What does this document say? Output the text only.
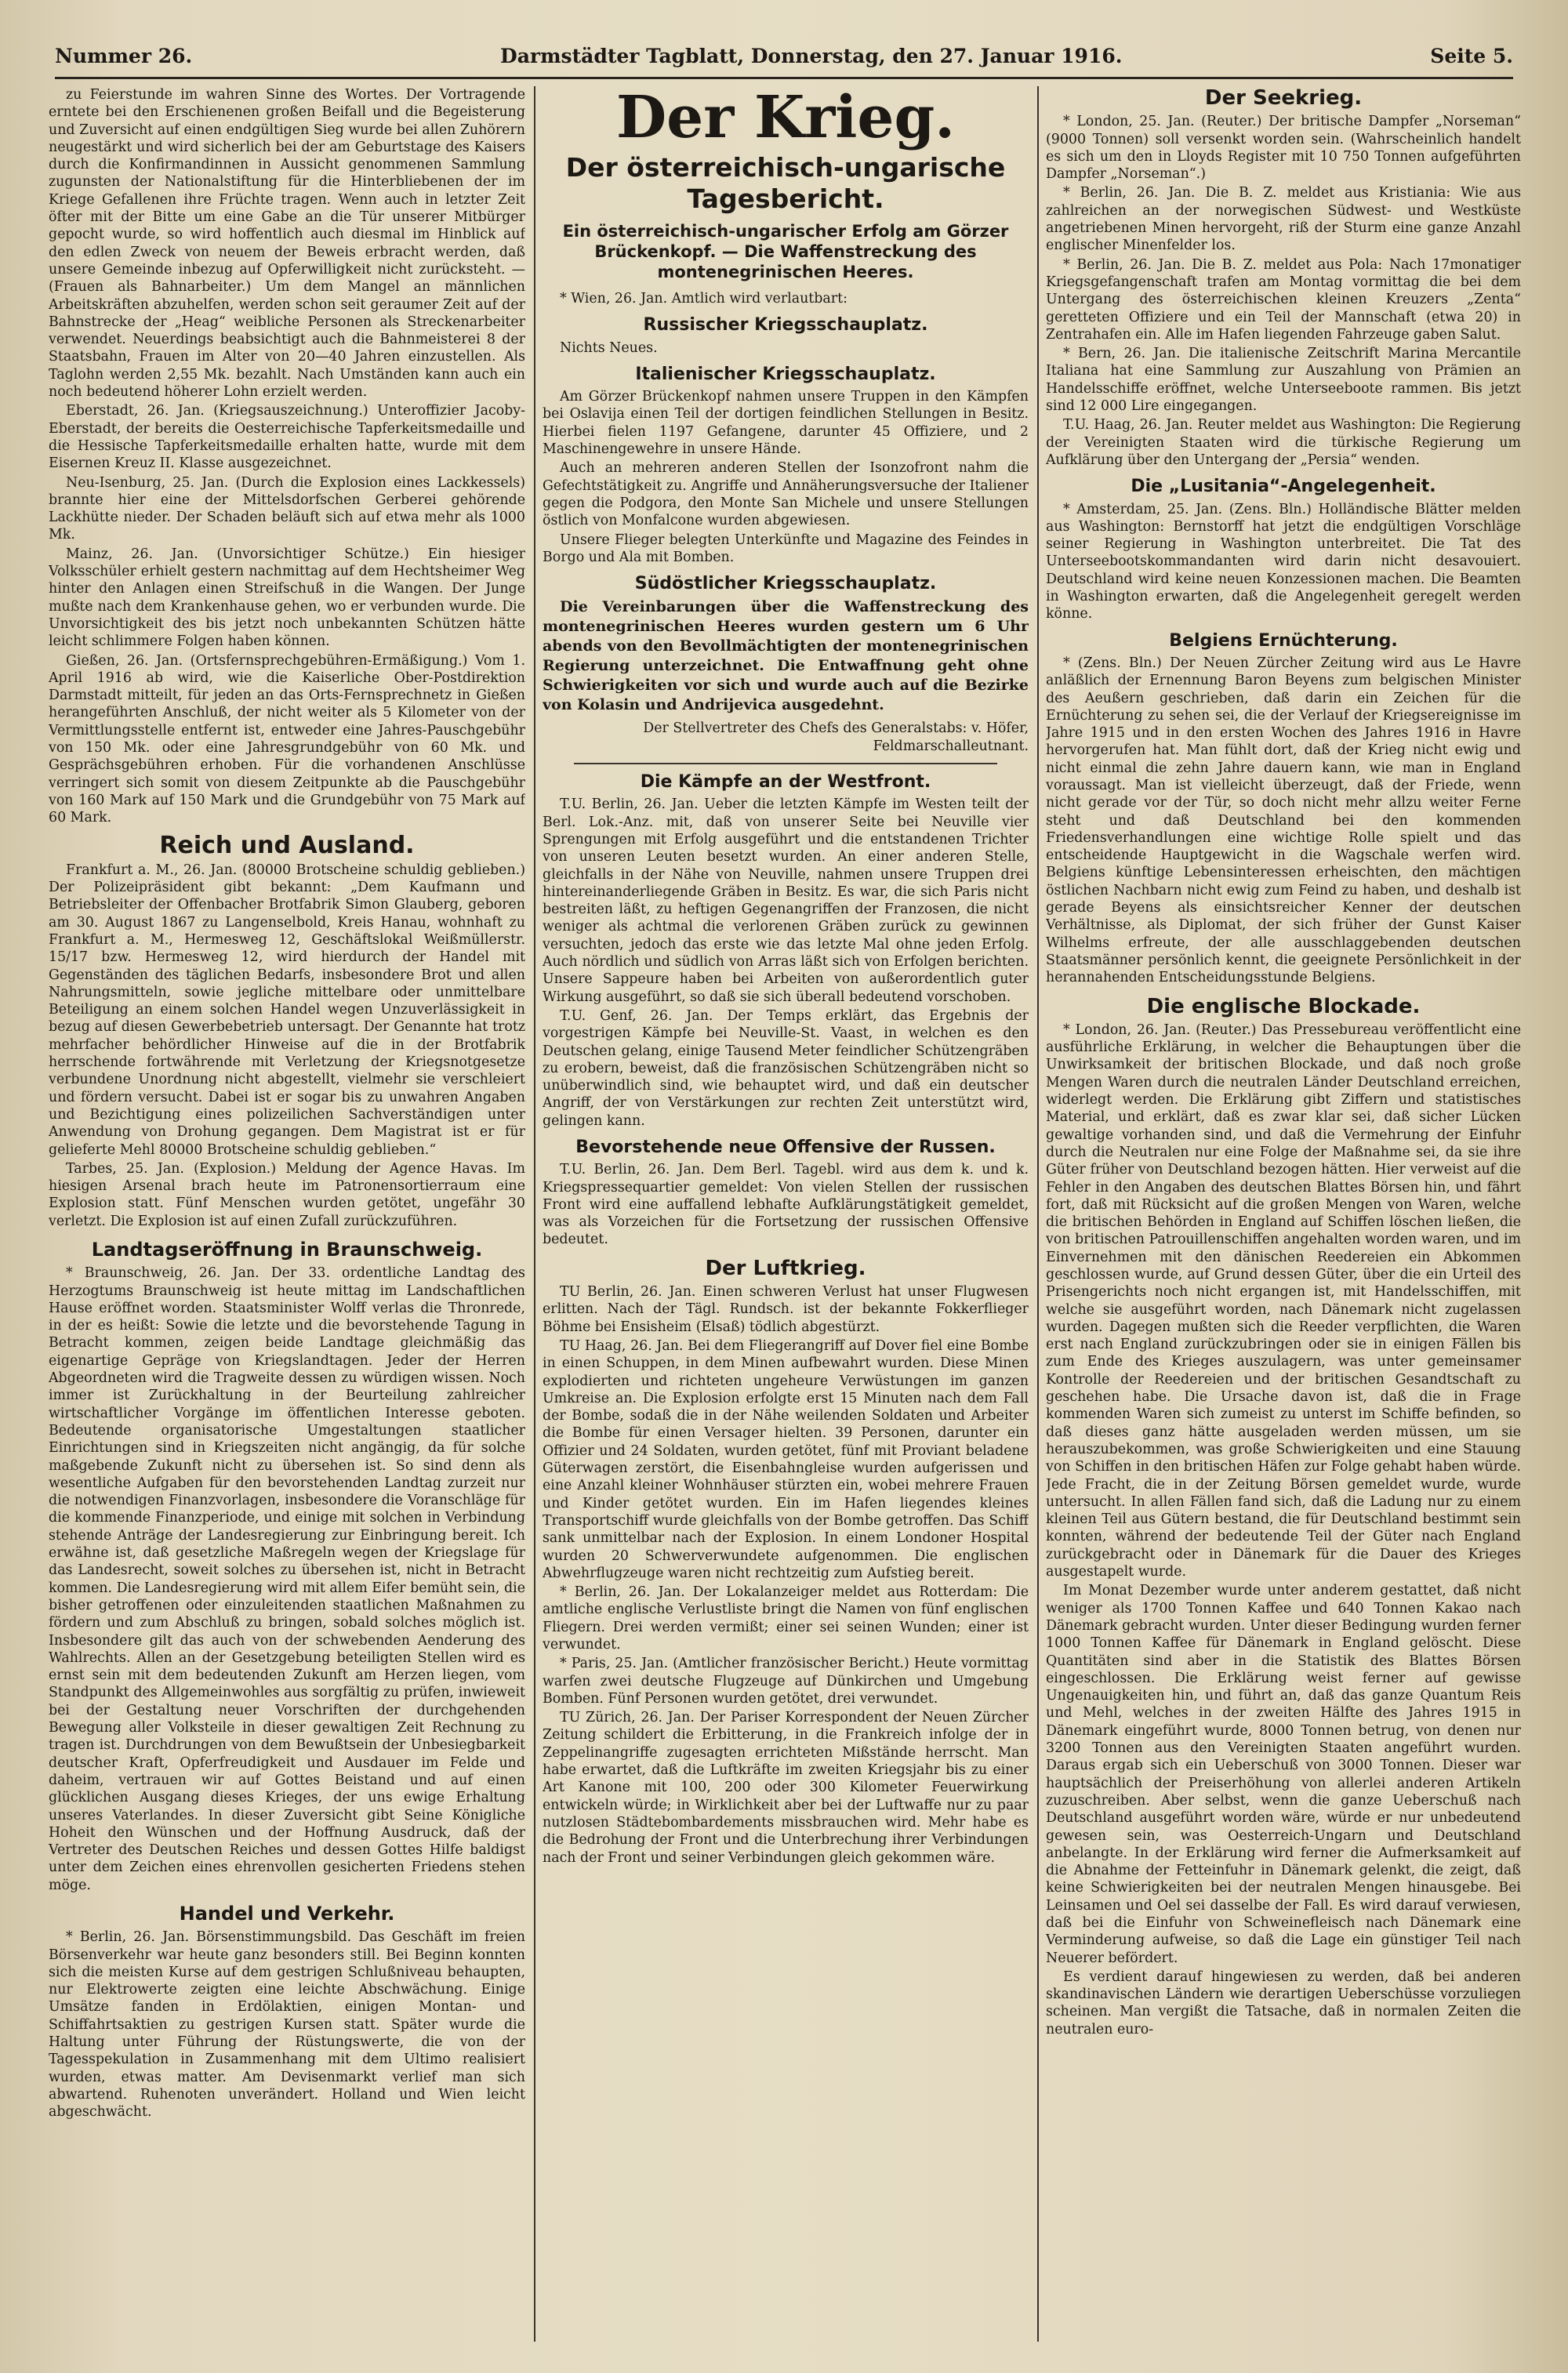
Nummer 26.	Darmstädter Tagblatt, Donnerstag, den 27. Januar 1916.	Seite 5.

zu Feierstunde im wahren Sinne des Wortes. Der Vortragende erntete bei den Erschienenen großen Beifall und die Begeisterung und Zuversicht auf einen endgültigen Sieg wurde bei allen Zuhörern neugestärkt und wird sicherlich bei der am Geburtstage des Kaisers durch die Konfirmandinnen in Aussicht genommenen Sammlung zugunsten der Nationalstiftung für die Hinterbliebenen der im Kriege Gefallenen ihre Früchte tragen. Wenn auch in letzter Zeit öfter mit der Bitte um eine Gabe an die Tür unserer Mitbürger gepocht wurde, so wird hoffentlich auch diesmal im Hinblick auf den edlen Zweck von neuem der Beweis erbracht werden, daß unsere Gemeinde inbezug auf Opferwilligkeit nicht zurücksteht. — (Frauen als Bahnarbeiter.) Um dem Mangel an männlichen Arbeitskräften abzuhelfen, werden schon seit geraumer Zeit auf der Bahnstrecke der „Heag“ weibliche Personen als Streckenarbeiter verwendet. Neuerdings beabsichtigt auch die Bahnmeisterei 8 der Staatsbahn, Frauen im Alter von 20—40 Jahren einzustellen. Als Taglohn werden 2,55 Mk. bezahlt. Nach Umständen kann auch ein noch bedeutend höherer Lohn erzielt werden.

Eberstadt, 26. Jan. (Kriegsauszeichnung.) Unteroffizier Jacoby-Eberstadt, der bereits die Oesterreichische Tapferkeitsmedaille und die Hessische Tapferkeitsmedaille erhalten hatte, wurde mit dem Eisernen Kreuz II. Klasse ausgezeichnet.

Neu-Isenburg, 25. Jan. (Durch die Explosion eines Lackkessels) brannte hier eine der Mittelsdorfschen Gerberei gehörende Lackhütte nieder. Der Schaden beläuft sich auf etwa mehr als 1000 Mk.

Mainz, 26. Jan. (Unvorsichtiger Schütze.) Ein hiesiger Volksschüler erhielt gestern nachmittag auf dem Hechtsheimer Weg hinter den Anlagen einen Streifschuß in die Wangen. Der Junge mußte nach dem Krankenhause gehen, wo er verbunden wurde. Die Unvorsichtigkeit des bis jetzt noch unbekannten Schützen hätte leicht schlimmere Folgen haben können.

Gießen, 26. Jan. (Ortsfernsprechgebühren-Ermäßigung.) Vom 1. April 1916 ab wird, wie die Kaiserliche Ober-Postdirektion Darmstadt mitteilt, für jeden an das Orts-Fernsprechnetz in Gießen herangeführten Anschluß, der nicht weiter als 5 Kilometer von der Vermittlungsstelle entfernt ist, entweder eine Jahres-Pauschgebühr von 150 Mk. oder eine Jahresgrundgebühr von 60 Mk. und Gesprächsgebühren erhoben. Für die vorhandenen Anschlüsse verringert sich somit von diesem Zeitpunkte ab die Pauschgebühr von 160 Mark auf 150 Mark und die Grundgebühr von 75 Mark auf 60 Mark.

Reich und Ausland.

Frankfurt a. M., 26. Jan. (80000 Brotscheine schuldig geblieben.) Der Polizeipräsident gibt bekannt: „Dem Kaufmann und Betriebsleiter der Offenbacher Brotfabrik Simon Glauberg, geboren am 30. August 1867 zu Langenselbold, Kreis Hanau, wohnhaft zu Frankfurt a. M., Hermesweg 12, Geschäftslokal Weißmüllerstr. 15/17 bzw. Hermesweg 12, wird hierdurch der Handel mit Gegenständen des täglichen Bedarfs, insbesondere Brot und allen Nahrungsmitteln, sowie jegliche mittelbare oder unmittelbare Beteiligung an einem solchen Handel wegen Unzuverlässigkeit in bezug auf diesen Gewerbebetrieb untersagt. Der Genannte hat trotz mehrfacher behördlicher Hinweise auf die in der Brotfabrik herrschende fortwährende mit Verletzung der Kriegsnotgesetze verbundene Unordnung nicht abgestellt, vielmehr sie verschleiert und fördern versucht. Dabei ist er sogar bis zu unwahren Angaben und Bezichtigung eines polizeilichen Sachverständigen unter Anwendung von Drohung gegangen. Dem Magistrat ist er für gelieferte Mehl 80000 Brotscheine schuldig geblieben.“

Tarbes, 25. Jan. (Explosion.) Meldung der Agence Havas. Im hiesigen Arsenal brach heute im Patronensortierraum eine Explosion statt. Fünf Menschen wurden getötet, ungefähr 30 verletzt. Die Explosion ist auf einen Zufall zurückzuführen.

Landtagseröffnung in Braunschweig.

* Braunschweig, 26. Jan. Der 33. ordentliche Landtag des Herzogtums Braunschweig ist heute mittag im Landschaftlichen Hause eröffnet worden. Staatsminister Wolff verlas die Thronrede, in der es heißt: Sowie die letzte und die bevorstehende Tagung in Betracht kommen, zeigen beide Landtage gleichmäßig das eigenartige Gepräge von Kriegslandtagen. Jeder der Herren Abgeordneten wird die Tragweite dessen zu würdigen wissen. Noch immer ist Zurückhaltung in der Beurteilung zahlreicher wirtschaftlicher Vorgänge im öffentlichen Interesse geboten. Bedeutende organisatorische Umgestaltungen staatlicher Einrichtungen sind in Kriegszeiten nicht angängig, da für solche maßgebende Zukunft nicht zu übersehen ist. So sind denn als wesentliche Aufgaben für den bevorstehenden Landtag zurzeit nur die notwendigen Finanzvorlagen, insbesondere die Voranschläge für die kommende Finanzperiode, und einige mit solchen in Verbindung stehende Anträge der Landesregierung zur Einbringung bereit. Ich erwähne ist, daß gesetzliche Maßregeln wegen der Kriegslage für das Landesrecht, soweit solches zu übersehen ist, nicht in Betracht kommen. Die Landesregierung wird mit allem Eifer bemüht sein, die bisher getroffenen oder einzuleitenden staatlichen Maßnahmen zu fördern und zum Abschluß zu bringen, sobald solches möglich ist. Insbesondere gilt das auch von der schwebenden Aenderung des Wahlrechts. Allen an der Gesetzgebung beteiligten Stellen wird es ernst sein mit dem bedeutenden Zukunft am Herzen liegen, vom Standpunkt des Allgemeinwohles aus sorgfältig zu prüfen, inwieweit bei der Gestaltung neuer Vorschriften der durchgehenden Bewegung aller Volksteile in dieser gewaltigen Zeit Rechnung zu tragen ist. Durchdrungen von dem Bewußtsein der Unbesiegbarkeit deutscher Kraft, Opferfreudigkeit und Ausdauer im Felde und daheim, vertrauen wir auf Gottes Beistand und auf einen glücklichen Ausgang dieses Krieges, der uns ewige Erhaltung unseres Vaterlandes. In dieser Zuversicht gibt Seine Königliche Hoheit den Wünschen und der Hoffnung Ausdruck, daß der Vertreter des Deutschen Reiches und dessen Gottes Hilfe baldigst unter dem Zeichen eines ehrenvollen gesicherten Friedens stehen möge.

Handel und Verkehr.

* Berlin, 26. Jan. Börsenstimmungsbild. Das Geschäft im freien Börsenverkehr war heute ganz besonders still. Bei Beginn konnten sich die meisten Kurse auf dem gestrigen Schlußniveau behaupten, nur Elektrowerte zeigten eine leichte Abschwächung. Einige Umsätze fanden in Erdölaktien, einigen Montan- und Schiffahrtsaktien zu gestrigen Kursen statt. Später wurde die Haltung unter Führung der Rüstungswerte, die von der Tagesspekulation in Zusammenhang mit dem Ultimo realisiert wurden, etwas matter. Am Devisenmarkt verlief man sich abwartend. Ruhenoten unverändert. Holland und Wien leicht abgeschwächt.

Der Krieg.
Der österreichisch-ungarische Tagesbericht.
Ein österreichisch-ungarischer Erfolg am Görzer Brückenkopf. — Die Waffenstreckung des montenegrinischen Heeres.

* Wien, 26. Jan. Amtlich wird verlautbart:

Russischer Kriegsschauplatz.

Nichts Neues.

Italienischer Kriegsschauplatz.

Am Görzer Brückenkopf nahmen unsere Truppen in den Kämpfen bei Oslavija einen Teil der dortigen feindlichen Stellungen in Besitz. Hierbei fielen 1197 Gefangene, darunter 45 Offiziere, und 2 Maschinengewehre in unsere Hände.

Auch an mehreren anderen Stellen der Isonzofront nahm die Gefechtstätigkeit zu. Angriffe und Annäherungsversuche der Italiener gegen die Podgora, den Monte San Michele und unsere Stellungen östlich von Monfalcone wurden abgewiesen.

Unsere Flieger belegten Unterkünfte und Magazine des Feindes in Borgo und Ala mit Bomben.

Südöstlicher Kriegsschauplatz.

Die Vereinbarungen über die Waffenstreckung des montenegrinischen Heeres wurden gestern um 6 Uhr abends von den Bevollmächtigten der montenegrinischen Regierung unterzeichnet. Die Entwaffnung geht ohne Schwierigkeiten vor sich und wurde auch auf die Bezirke von Kolasin und Andrijevica ausgedehnt.

Der Stellvertreter des Chefs des Generalstabs: v. Höfer, Feldmarschalleutnant.
Die Kämpfe an der Westfront.

T.U. Berlin, 26. Jan. Ueber die letzten Kämpfe im Westen teilt der Berl. Lok.-Anz. mit, daß von unserer Seite bei Neuville vier Sprengungen mit Erfolg ausgeführt und die entstandenen Trichter von unseren Leuten besetzt wurden. An einer anderen Stelle, gleichfalls in der Nähe von Neuville, nahmen unsere Truppen drei hintereinanderliegende Gräben in Besitz. Es war, die sich Paris nicht bestreiten läßt, zu heftigen Gegenangriffen der Franzosen, die nicht weniger als achtmal die verlorenen Gräben zurück zu gewinnen versuchten, jedoch das erste wie das letzte Mal ohne jeden Erfolg. Auch nördlich und südlich von Arras läßt sich von Erfolgen berichten. Unsere Sappeure haben bei Arbeiten von außerordentlich guter Wirkung ausgeführt, so daß sie sich überall bedeutend vorschoben.

T.U. Genf, 26. Jan. Der Temps erklärt, das Ergebnis der vorgestrigen Kämpfe bei Neuville-St. Vaast, in welchen es den Deutschen gelang, einige Tausend Meter feindlicher Schützengräben zu erobern, beweist, daß die französischen Schützengräben nicht so unüberwindlich sind, wie behauptet wird, und daß ein deutscher Angriff, der von Verstärkungen zur rechten Zeit unterstützt wird, gelingen kann.

Bevorstehende neue Offensive der Russen.

T.U. Berlin, 26. Jan. Dem Berl. Tagebl. wird aus dem k. und k. Kriegspressequartier gemeldet: Von vielen Stellen der russischen Front wird eine auffallend lebhafte Aufklärungstätigkeit gemeldet, was als Vorzeichen für die Fortsetzung der russischen Offensive bedeutet.

Der Luftkrieg.

TU Berlin, 26. Jan. Einen schweren Verlust hat unser Flugwesen erlitten. Nach der Tägl. Rundsch. ist der bekannte Fokkerflieger Böhme bei Ensisheim (Elsaß) tödlich abgestürzt.

TU Haag, 26. Jan. Bei dem Fliegerangriff auf Dover fiel eine Bombe in einen Schuppen, in dem Minen aufbewahrt wurden. Diese Minen explodierten und richteten ungeheure Verwüstungen im ganzen Umkreise an. Die Explosion erfolgte erst 15 Minuten nach dem Fall der Bombe, sodaß die in der Nähe weilenden Soldaten und Arbeiter die Bombe für einen Versager hielten. 39 Personen, darunter ein Offizier und 24 Soldaten, wurden getötet, fünf mit Proviant beladene Güterwagen zerstört, die Eisenbahngleise wurden aufgerissen und eine Anzahl kleiner Wohnhäuser stürzten ein, wobei mehrere Frauen und Kinder getötet wurden. Ein im Hafen liegendes kleines Transportschiff wurde gleichfalls von der Bombe getroffen. Das Schiff sank unmittelbar nach der Explosion. In einem Londoner Hospital wurden 20 Schwerverwundete aufgenommen. Die englischen Abwehrflugzeuge waren nicht rechtzeitig zum Aufstieg bereit.

* Berlin, 26. Jan. Der Lokalanzeiger meldet aus Rotterdam: Die amtliche englische Verlustliste bringt die Namen von fünf englischen Fliegern. Drei werden vermißt; einer sei seinen Wunden; einer ist verwundet.

* Paris, 25. Jan. (Amtlicher französischer Bericht.) Heute vormittag warfen zwei deutsche Flugzeuge auf Dünkirchen und Umgebung Bomben. Fünf Personen wurden getötet, drei verwundet.

TU Zürich, 26. Jan. Der Pariser Korrespondent der Neuen Zürcher Zeitung schildert die Erbitterung, in die Frankreich infolge der in Zeppelinangriffe zugesagten errichteten Mißstände herrscht. Man habe erwartet, daß die Luftkräfte im zweiten Kriegsjahr bis zu einer Art Kanone mit 100, 200 oder 300 Kilometer Feuerwirkung entwickeln würde; in Wirklichkeit aber bei der Luftwaffe nur zu paar nutzlosen Städtebombardements missbrauchen wird. Mehr habe es die Bedrohung der Front und die Unterbrechung ihrer Verbindungen nach der Front und seiner Verbindungen gleich gekommen wäre.

Der Seekrieg.

* London, 25. Jan. (Reuter.) Der britische Dampfer „Norseman“ (9000 Tonnen) soll versenkt worden sein. (Wahrscheinlich handelt es sich um den in Lloyds Register mit 10 750 Tonnen aufgeführten Dampfer „Norseman“.)

* Berlin, 26. Jan. Die B. Z. meldet aus Kristiania: Wie aus zahlreichen an der norwegischen Südwest- und Westküste angetriebenen Minen hervorgeht, riß der Sturm eine ganze Anzahl englischer Minenfelder los.

* Berlin, 26. Jan. Die B. Z. meldet aus Pola: Nach 17monatiger Kriegsgefangenschaft trafen am Montag vormittag die bei dem Untergang des österreichischen kleinen Kreuzers „Zenta“ geretteten Offiziere und ein Teil der Mannschaft (etwa 20) in Zentrahafen ein. Alle im Hafen liegenden Fahrzeuge gaben Salut.

* Bern, 26. Jan. Die italienische Zeitschrift Marina Mercantile Italiana hat eine Sammlung zur Auszahlung von Prämien an Handelsschiffe eröffnet, welche Unterseeboote rammen. Bis jetzt sind 12 000 Lire eingegangen.

T.U. Haag, 26. Jan. Reuter meldet aus Washington: Die Regierung der Vereinigten Staaten wird die türkische Regierung um Aufklärung über den Untergang der „Persia“ wenden.

Die „Lusitania“-Angelegenheit.

* Amsterdam, 25. Jan. (Zens. Bln.) Holländische Blätter melden aus Washington: Bernstorff hat jetzt die endgültigen Vorschläge seiner Regierung in Washington unterbreitet. Die Tat des Unterseebootskommandanten wird darin nicht desavouiert. Deutschland wird keine neuen Konzessionen machen. Die Beamten in Washington erwarten, daß die Angelegenheit geregelt werden könne.

Belgiens Ernüchterung.

* (Zens. Bln.) Der Neuen Zürcher Zeitung wird aus Le Havre anläßlich der Ernennung Baron Beyens zum belgischen Minister des Aeußern geschrieben, daß darin ein Zeichen für die Ernüchterung zu sehen sei, die der Verlauf der Kriegsereignisse im Jahre 1915 und in den ersten Wochen des Jahres 1916 in Havre hervorgerufen hat. Man fühlt dort, daß der Krieg nicht ewig und nicht einmal die zehn Jahre dauern kann, wie man in England voraussagt. Man ist vielleicht überzeugt, daß der Friede, wenn nicht gerade vor der Tür, so doch nicht mehr allzu weiter Ferne steht und daß Deutschland bei den kommenden Friedensverhandlungen eine wichtige Rolle spielt und das entscheidende Hauptgewicht in die Wagschale werfen wird. Belgiens künftige Lebensinteressen erheischten, den mächtigen östlichen Nachbarn nicht ewig zum Feind zu haben, und deshalb ist gerade Beyens als einsichtsreicher Kenner der deutschen Verhältnisse, als Diplomat, der sich früher der Gunst Kaiser Wilhelms erfreute, der alle ausschlaggebenden deutschen Staatsmänner persönlich kennt, die geeignete Persönlichkeit in der herannahenden Entscheidungsstunde Belgiens.

Die englische Blockade.

* London, 26. Jan. (Reuter.) Das Pressebureau veröffentlicht eine ausführliche Erklärung, in welcher die Behauptungen über die Unwirksamkeit der britischen Blockade, und daß noch große Mengen Waren durch die neutralen Länder Deutschland erreichen, widerlegt werden. Die Erklärung gibt Ziffern und statistisches Material, und erklärt, daß es zwar klar sei, daß sicher Lücken gewaltige vorhanden sind, und daß die Vermehrung der Einfuhr durch die Neutralen nur eine Folge der Maßnahme sei, da sie ihre Güter früher von Deutschland bezogen hätten. Hier verweist auf die Fehler in den Angaben des deutschen Blattes Börsen hin, und fährt fort, daß mit Rücksicht auf die großen Mengen von Waren, welche die britischen Behörden in England auf Schiffen löschen ließen, die von britischen Patrouillenschiffen angehalten worden waren, und im Einvernehmen mit den dänischen Reedereien ein Abkommen geschlossen wurde, auf Grund dessen Güter, über die ein Urteil des Prisengerichts noch nicht ergangen ist, mit Handelsschiffen, mit welche sie ausgeführt worden, nach Dänemark nicht zugelassen wurden. Dagegen mußten sich die Reeder verpflichten, die Waren erst nach England zurückzubringen oder sie in einigen Fällen bis zum Ende des Krieges auszulagern, was unter gemeinsamer Kontrolle der Reedereien und der britischen Gesandtschaft zu geschehen habe. Die Ursache davon ist, daß die in Frage kommenden Waren sich zumeist zu unterst im Schiffe befinden, so daß dieses ganz hätte ausgeladen werden müssen, um sie herauszubekommen, was große Schwierigkeiten und eine Stauung von Schiffen in den britischen Häfen zur Folge gehabt haben würde. Jede Fracht, die in der Zeitung Börsen gemeldet wurde, wurde untersucht. In allen Fällen fand sich, daß die Ladung nur zu einem kleinen Teil aus Gütern bestand, die für Deutschland bestimmt sein konnten, während der bedeutende Teil der Güter nach England zurückgebracht oder in Dänemark für die Dauer des Krieges ausgestapelt wurde.

Im Monat Dezember wurde unter anderem gestattet, daß nicht weniger als 1700 Tonnen Kaffee und 640 Tonnen Kakao nach Dänemark gebracht wurden. Unter dieser Bedingung wurden ferner 1000 Tonnen Kaffee für Dänemark in England gelöscht. Diese Quantitäten sind aber in die Statistik des Blattes Börsen eingeschlossen. Die Erklärung weist ferner auf gewisse Ungenauigkeiten hin, und führt an, daß das ganze Quantum Reis und Mehl, welches in der zweiten Hälfte des Jahres 1915 in Dänemark eingeführt wurde, 8000 Tonnen betrug, von denen nur 3200 Tonnen aus den Vereinigten Staaten angeführt wurden. Daraus ergab sich ein Ueberschuß von 3000 Tonnen. Dieser war hauptsächlich der Preiserhöhung von allerlei anderen Artikeln zuzuschreiben. Aber selbst, wenn die ganze Ueberschuß nach Deutschland ausgeführt worden wäre, würde er nur unbedeutend gewesen sein, was Oesterreich-Ungarn und Deutschland anbelangte. In der Erklärung wird ferner die Aufmerksamkeit auf die Abnahme der Fetteinfuhr in Dänemark gelenkt, die zeigt, daß keine Schwierigkeiten bei der neutralen Mengen hinausgebe. Bei Leinsamen und Oel sei dasselbe der Fall. Es wird darauf verwiesen, daß bei die Einfuhr von Schweinefleisch nach Dänemark eine Verminderung aufweise, so daß die Lage ein günstiger Teil nach Neuerer befördert.

Es verdient darauf hingewiesen zu werden, daß bei anderen skandinavischen Ländern wie derartigen Ueberschüsse vorzuliegen scheinen. Man vergißt die Tatsache, daß in normalen Zeiten die neutralen euro-
